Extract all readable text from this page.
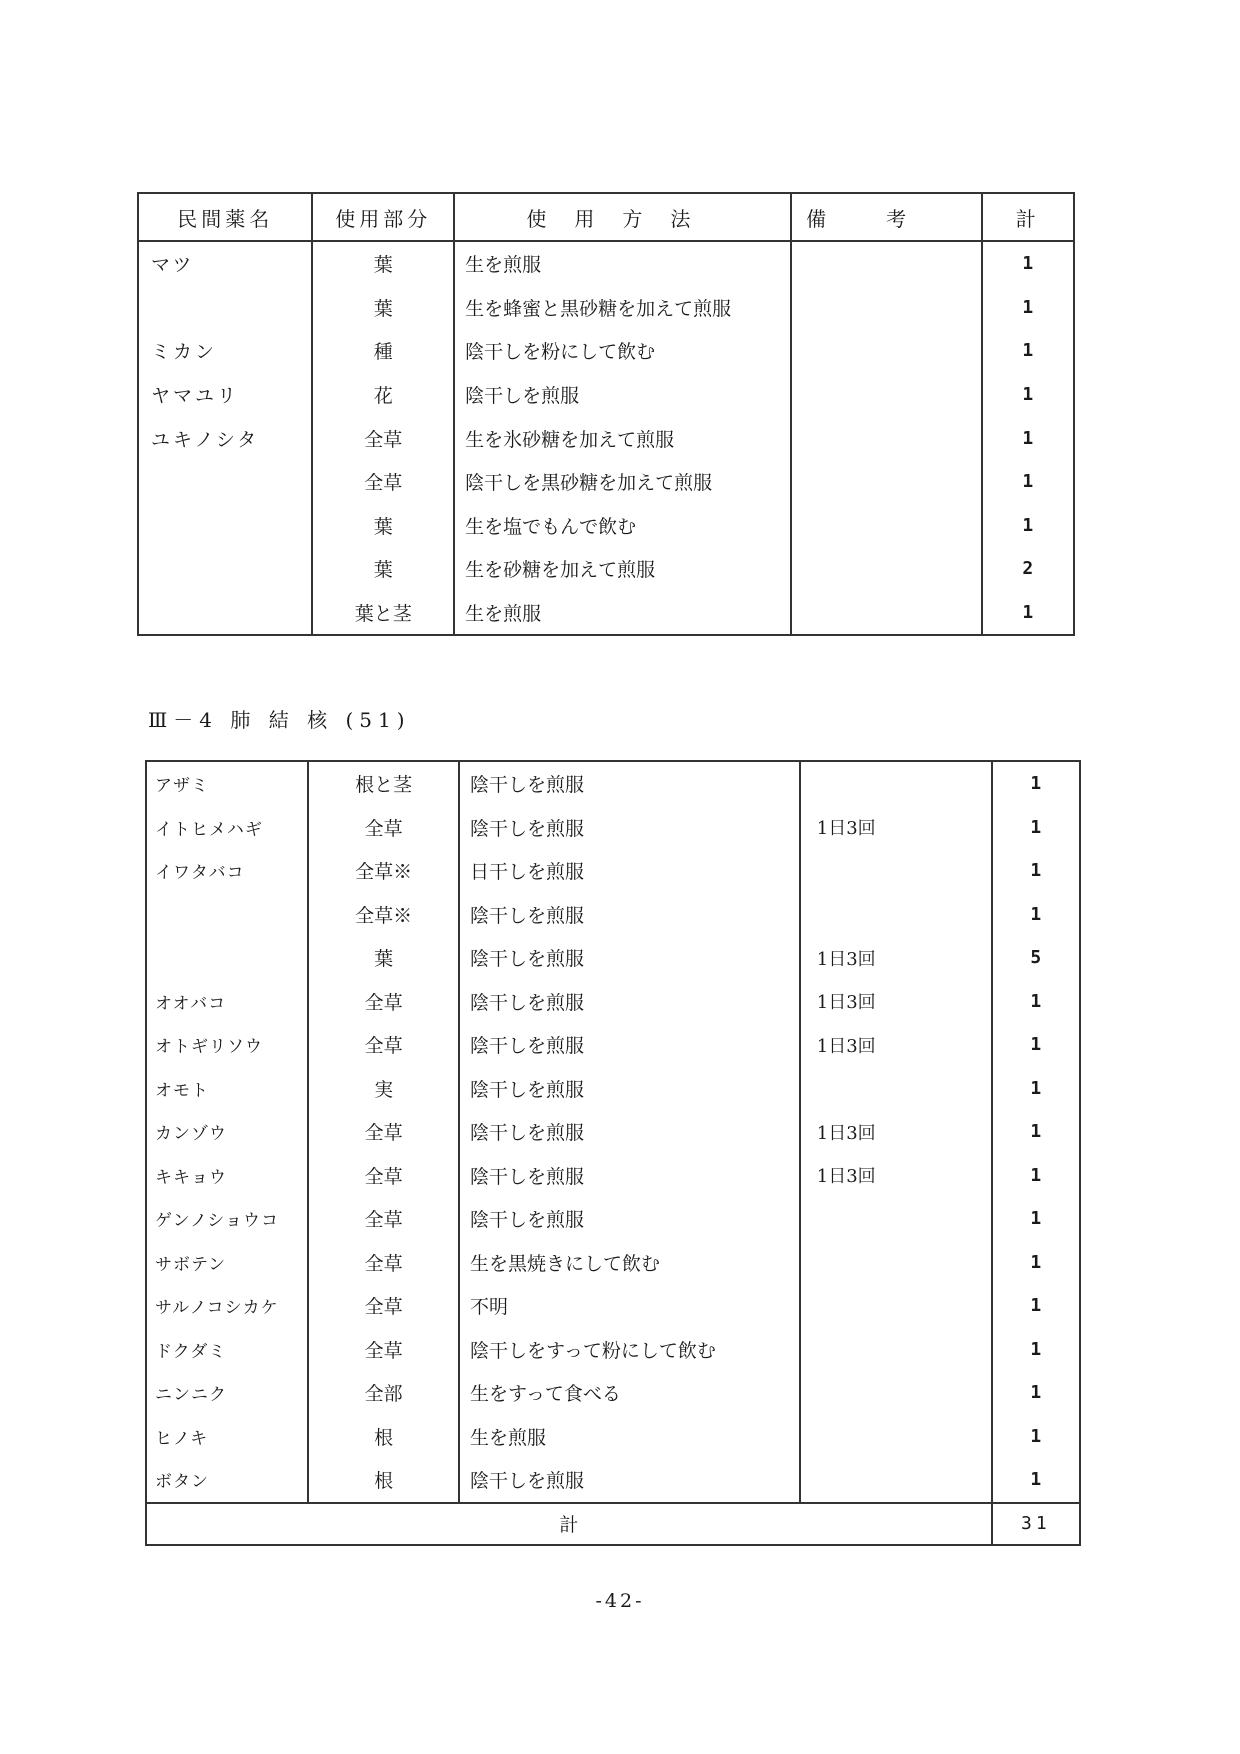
民間薬名	使用部分	使用方法	備考	計
マツ	葉	生を煎服		1
	葉	生を蜂蜜と黒砂糖を加えて煎服		1
ミカン	種	陰干しを粉にして飲む		1
ヤマユリ	花	陰干しを煎服		1
ユキノシタ	全草	生を氷砂糖を加えて煎服		1
	全草	陰干しを黒砂糖を加えて煎服		1
	葉	生を塩でもんで飲む		1
	葉	生を砂糖を加えて煎服		2
	葉と茎	生を煎服		1
Ⅲ－4 肺 結 核 (51)
アザミ	根と茎	陰干しを煎服		1
イトヒメハギ	全草	陰干しを煎服	1日3回	1
イワタバコ	全草※	日干しを煎服		1
	全草※	陰干しを煎服		1
	葉	陰干しを煎服	1日3回	5
オオバコ	全草	陰干しを煎服	1日3回	1
オトギリソウ	全草	陰干しを煎服	1日3回	1
オモト	実	陰干しを煎服		1
カンゾウ	全草	陰干しを煎服	1日3回	1
キキョウ	全草	陰干しを煎服	1日3回	1
ゲンノショウコ	全草	陰干しを煎服		1
サボテン	全草	生を黒焼きにして飲む		1
サルノコシカケ	全草	不明		1
ドクダミ	全草	陰干しをすって粉にして飲む		1
ニンニク	全部	生をすって食べる		1
ヒノキ	根	生を煎服		1
ボタン	根	陰干しを煎服		1
計				31
-42-
